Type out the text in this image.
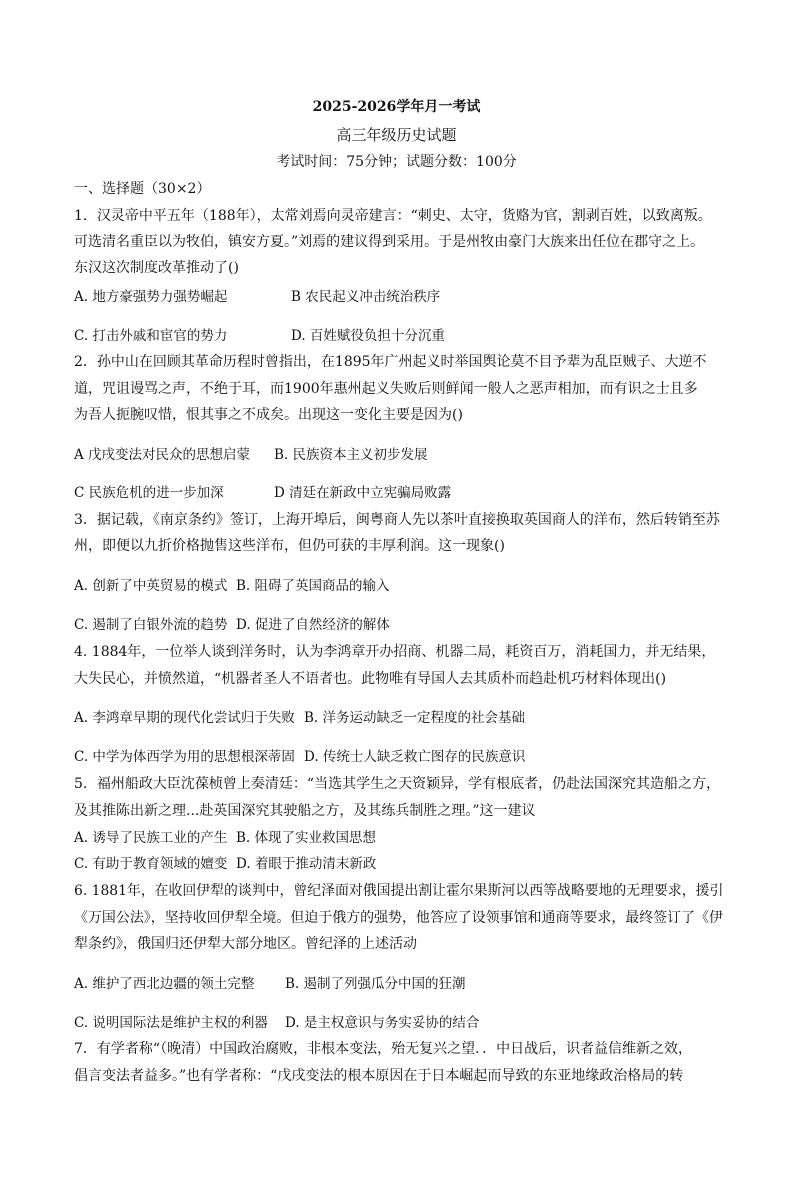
2025-2026学年月一考试
高三年级历史试题
考试时间：75分钟；试题分数：100分
一、选择题（30×2）
1．汉灵帝中平五年（188年），太常刘焉向灵帝建言：“刺史、太守，货赂为官，割剥百姓，以致离叛。
可选清名重臣以为牧伯，镇安方夏。”刘焉的建议得到采用。于是州牧由豪门大族来出任位在郡守之上。
东汉这次制度改革推动了()
A. 地方豪强势力强势崛起	B 农民起义冲击统治秩序
C. 打击外戚和宦官的势力	D. 百姓赋役负担十分沉重
2．孙中山在回顾其革命历程时曾指出，在1895年广州起义时举国舆论莫不目予辈为乱臣贼子、大逆不
道，咒诅谩骂之声，不绝于耳，而1900年惠州起义失败后则鲜闻一般人之恶声相加，而有识之士且多
为吾人扼腕叹惜，恨其事之不成矣。出现这一变化主要是因为()
A 戊戌变法对民众的思想启蒙 B. 民族资本主义初步发展
C 民族危机的进一步加深	D 清廷在新政中立宪骗局败露
3．据记载，《南京条约》签订，上海开埠后，闽粤商人先以茶叶直接换取英国商人的洋布，然后转销至苏
州，即便以九折价格抛售这些洋布，但仍可获的丰厚利润。这一现象()
A. 创新了中英贸易的模式 B. 阻碍了英国商品的输入
C. 遏制了白银外流的趋势 D. 促进了自然经济的解体
4. 1884年，一位举人谈到洋务时，认为李鸿章开办招商、机器二局，耗资百万，消耗国力，并无结果，
大失民心，并愤然道，“机器者圣人不语者也。此物唯有导国人去其质朴而趋赴机巧材料体现出()
A. 李鸿章早期的现代化尝试归于失败 B. 洋务运动缺乏一定程度的社会基础
C. 中学为体西学为用的思想根深蒂固 D. 传统士人缺乏救亡图存的民族意识
5．福州船政大臣沈葆桢曾上奏清廷：“当选其学生之天资颖异，学有根底者，仍赴法国深究其造船之方，
及其推陈出新之理...赴英国深究其驶船之方，及其练兵制胜之理。”这一建议
A. 诱导了民族工业的产生 B. 体现了实业救国思想
C. 有助于教育领域的嬗变 D. 着眼于推动清末新政
6. 1881年，在收回伊犁的谈判中，曾纪泽面对俄国提出割让霍尔果斯河以西等战略要地的无理要求，援引
《万国公法》，坚持收回伊犁全境。但迫于俄方的强势，他答应了设领事馆和通商等要求，最终签订了《伊
犁条约》，俄国归还伊犁大部分地区。曾纪泽的上述活动
A. 维护了西北边疆的领土完整 B. 遏制了列强瓜分中国的狂潮
C. 说明国际法是维护主权的利器 D. 是主权意识与务实妥协的结合
7．有学者称“（晚清）中国政治腐败，非根本变法，殆无复兴之望．．中日战后，识者益信维新之效，
倡言变法者益多。”也有学者称：“戊戌变法的根本原因在于日本崛起而导致的东亚地缘政治格局的转
